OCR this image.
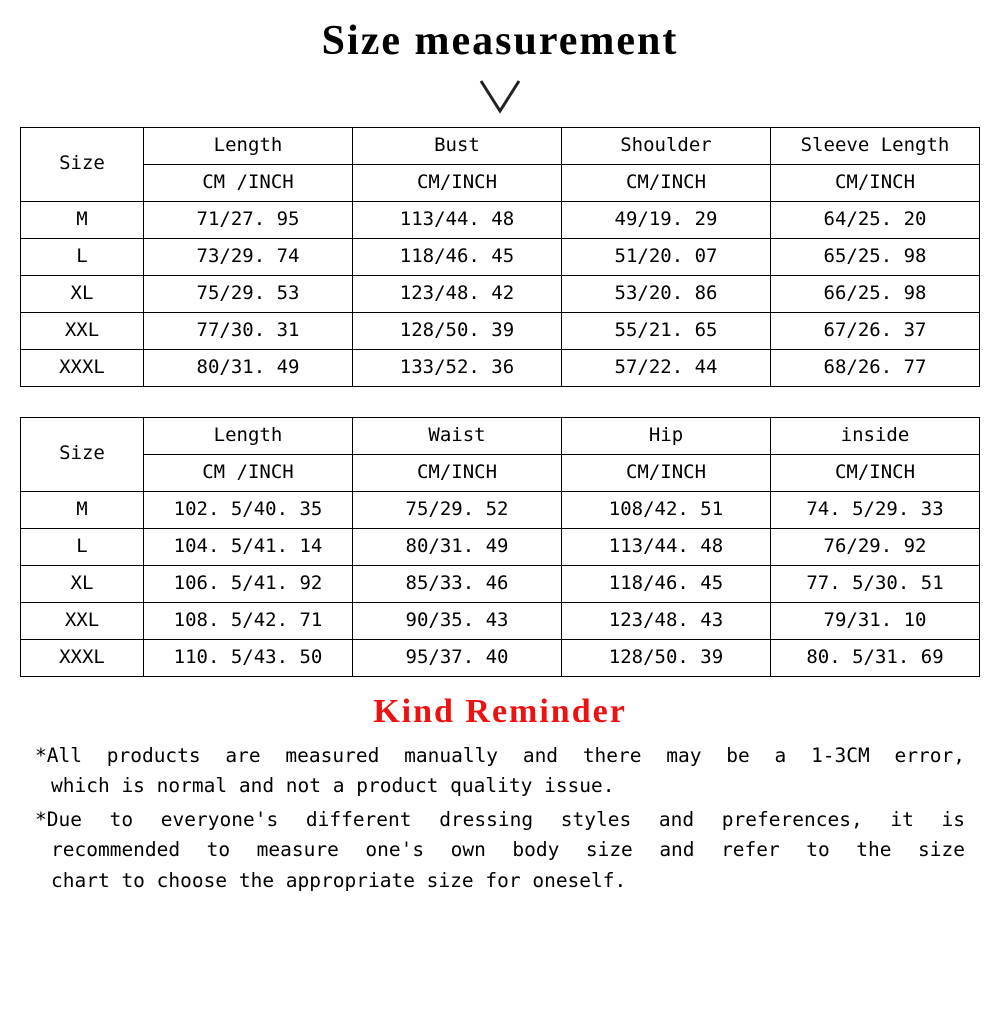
Size measurement
Size	Length	Bust	Shoulder	Sleeve Length
	CM /INCH	CM/INCH	CM/INCH	CM/INCH
M	71/27. 95	113/44. 48	49/19. 29	64/25. 20
L	73/29. 74	118/46. 45	51/20. 07	65/25. 98
XL	75/29. 53	123/48. 42	53/20. 86	66/25. 98
XXL	77/30. 31	128/50. 39	55/21. 65	67/26. 37
XXXL	80/31. 49	133/52. 36	57/22. 44	68/26. 77
Size	Length	Waist	Hip	inside
	CM /INCH	CM/INCH	CM/INCH	CM/INCH
M	102. 5/40. 35	75/29. 52	108/42. 51	74. 5/29. 33
L	104. 5/41. 14	80/31. 49	113/44. 48	76/29. 92
XL	106. 5/41. 92	85/33. 46	118/46. 45	77. 5/30. 51
XXL	108. 5/42. 71	90/35. 43	123/48. 43	79/31. 10
XXXL	110. 5/43. 50	95/37. 40	128/50. 39	80. 5/31. 69
Kind Reminder
*All products are measured manually and there may be a 1-3CM error,
which is normal and not a product quality issue.
*Due to everyone's different dressing styles and preferences, it is
recommended to measure one's own body size and refer to the size
chart to choose the appropriate size for oneself.
